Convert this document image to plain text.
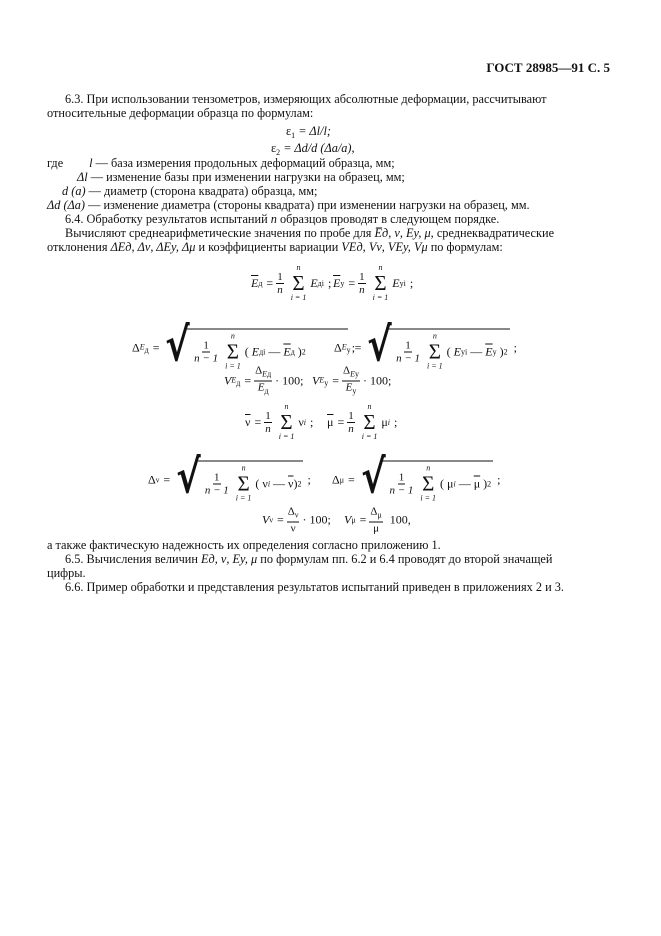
ГОСТ 28985—91 С. 5
6.3. При использовании тензометров, измеряющих абсолютные деформации, рассчитывают
относительные деформации образца по формулам:
$\varepsilon_1 = \Delta l/l$;
$\varepsilon_2 = \Delta d/d$ (Δa/a),
где l — база измерения продольных деформаций образца, мм;
Δl — изменение базы при изменении нагрузки на образец, мм;
d (a) — диаметр (сторона квадрата) образца, мм;
Δd (Δa) — изменение диаметра (стороны квадрата) при изменении нагрузки на образец, мм.
6.4. Обработку результатов испытаний n образцов проводят в следующем порядке.
Вычисляют среднеарифметические значения по пробе для E̅д, ν, Eу, μ, среднеквадратические
отклонения ΔEд, Δν, ΔEу, Δμ и коэффициенты вариации VEд, Vν, VEу, Vμ по формулам:
$\overline{E}$ $д = \frac{1}{n}$
n
Σ
i = 1
E дi ; $\overline{E}$ $у = \frac{1}{n}$
n
Σ
i = 1
E уi ;
Δ $E_д$ = √ $\frac{1}{n - 1}$
n
Σ
i = 1
(
E дi
—
$\overline{E}$ д
) 2	;
Δ $E_у$ = √ $\frac{1}{n - 1}$
n
Σ
i = 1
(
E уi
—
$\overline{E}$ у
) 2 ;
V $E_д = \frac{\Delta_{Eд}}{\overline{E}_д} \cdot 100$; V $E_у = \frac{\Delta_{Eу}}{\overline{E}_у} \cdot 100$;
$\overline{\nu} = \frac{1}{n}$
n
Σ
i = 1
ν i ; $\overline{\mu} = \frac{1}{n}$
n
Σ
i = 1
μ i ;
Δ ν = √ $\frac{1}{n - 1}$
n
Σ
i = 1
(
ν i
—
$\overline{\nu}$ ) 2 ; Δ μ = √ $\frac{1}{n - 1}$
n
Σ
i = 1
(
μ i
—
$\overline{\mu}$
) 2 ;
V $\nu = \frac{\Delta_\nu}{\nu} \cdot 100$; V $\mu = \frac{\Delta_\mu}{\mu} 100$,
а также фактическую надежность их определения согласно приложению 1.
6.5. Вычисления величин Eд, ν, Eу, μ по формулам пп. 6.2 и 6.4 проводят до второй значащей
цифры.
6.6. Пример обработки и представления результатов испытаний приведен в приложениях 2 и 3.
